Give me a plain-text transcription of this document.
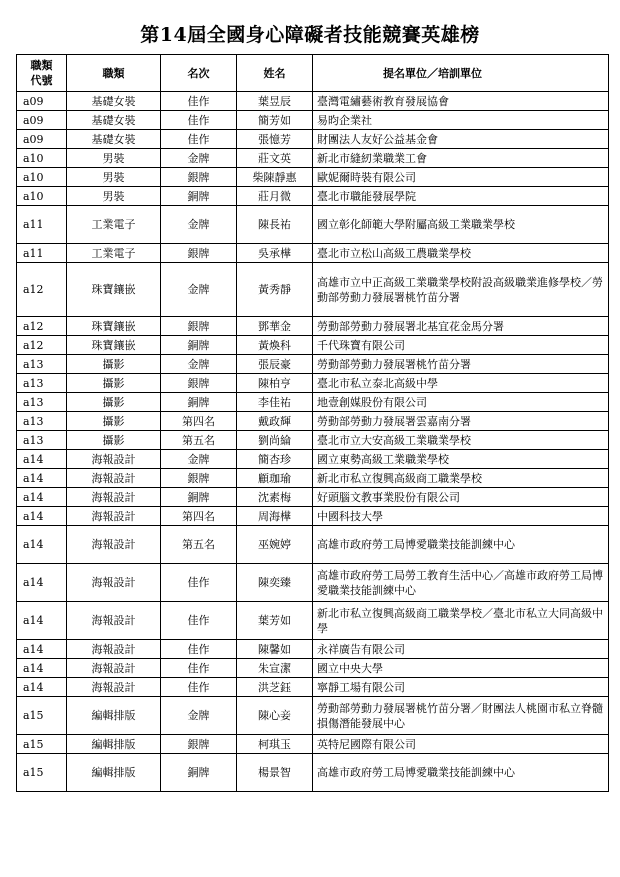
第14屆全國身心障礙者技能競賽英雄榜
職類
代號	職類	名次	姓名	提名單位／培訓單位
a09	基礎女裝	佳作	葉昱辰	臺灣電繡藝術教育發展協會
a09	基礎女裝	佳作	簡芳如	易昀企業社
a09	基礎女裝	佳作	張憶芳	財團法人友好公益基金會
a10	男裝	金牌	莊文英	新北市縫紉業職業工會
a10	男裝	銀牌	柴陳靜惠	歐妮爾時裝有限公司
a10	男裝	銅牌	莊月微	臺北市職能發展學院
a11	工業電子	金牌	陳長祐	國立彰化師範大學附屬高級工業職業學校
a11	工業電子	銀牌	吳承樺	臺北市立松山高級工農職業學校
a12	珠寶鑲嵌	金牌	黃秀靜	高雄市立中正高級工業職業學校附設高級職業進修學校／勞動部勞動力發展署桃竹苗分署
a12	珠寶鑲嵌	銀牌	鄧華金	勞動部勞動力發展署北基宜花金馬分署
a12	珠寶鑲嵌	銅牌	黃煥科	千代珠寶有限公司
a13	攝影	金牌	張辰豪	勞動部勞動力發展署桃竹苗分署
a13	攝影	銀牌	陳柏亨	臺北市私立泰北高級中學
a13	攝影	銅牌	李佳祐	地壹創媒股份有限公司
a13	攝影	第四名	戴政輝	勞動部勞動力發展署雲嘉南分署
a13	攝影	第五名	劉尚綸	臺北市立大安高級工業職業學校
a14	海報設計	金牌	簡杏珍	國立東勢高級工業職業學校
a14	海報設計	銀牌	顧珈瑜	新北市私立復興高級商工職業學校
a14	海報設計	銅牌	沈素梅	好頭腦文教事業股份有限公司
a14	海報設計	第四名	周海樺	中國科技大學
a14	海報設計	第五名	巫婉婷	高雄市政府勞工局博愛職業技能訓練中心
a14	海報設計	佳作	陳奕臻	高雄市政府勞工局勞工教育生活中心／高雄市政府勞工局博愛職業技能訓練中心
a14	海報設計	佳作	葉芳如	新北市私立復興高級商工職業學校／臺北市私立大同高級中學
a14	海報設計	佳作	陳馨如	永祥廣告有限公司
a14	海報設計	佳作	朱宣潔	國立中央大學
a14	海報設計	佳作	洪芝鈺	寧靜工場有限公司
a15	編輯排版	金牌	陳心妾	勞動部勞動力發展署桃竹苗分署／財團法人桃園市私立脊髓損傷潛能發展中心
a15	編輯排版	銀牌	柯琪玉	英特尼國際有限公司
a15	編輯排版	銅牌	楊景智	高雄市政府勞工局博愛職業技能訓練中心
